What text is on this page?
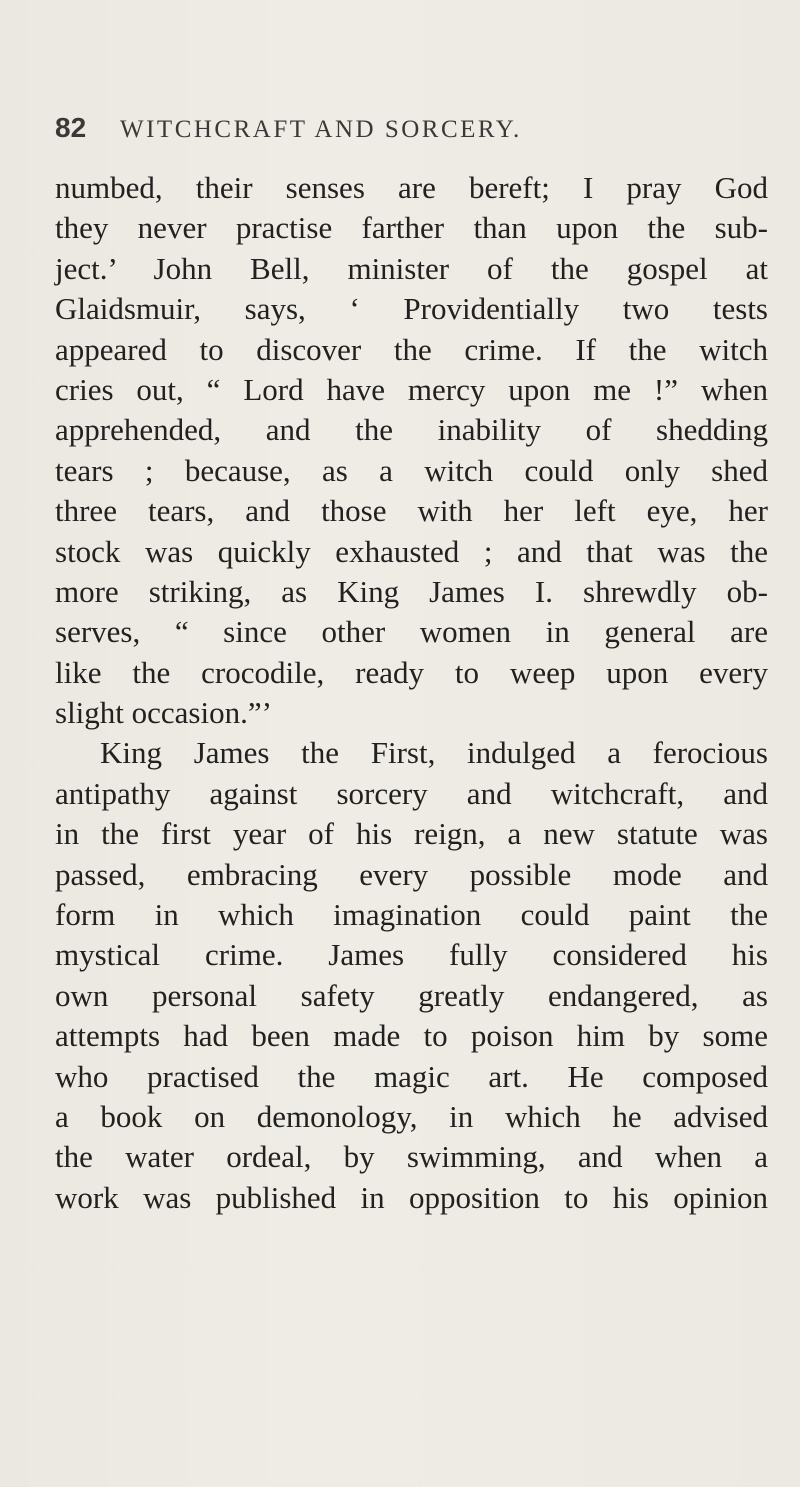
82 WITCHCRAFT AND SORCERY.
numbed, their senses are bereft; I pray God
they never practise farther than upon the sub-
ject.’ John Bell, minister of the gospel at
Glaidsmuir, says, ‘ Providentially two tests
appeared to discover the crime. If the witch
cries out, “ Lord have mercy upon me !” when
apprehended, and the inability of shedding
tears ; because, as a witch could only shed
three tears, and those with her left eye, her
stock was quickly exhausted ; and that was the
more striking, as King James I. shrewdly ob-
serves, “ since other women in general are
like the crocodile, ready to weep upon every
slight occasion.”’
King James the First, indulged a ferocious
antipathy against sorcery and witchcraft, and
in the first year of his reign, a new statute was
passed, embracing every possible mode and
form in which imagination could paint the
mystical crime. James fully considered his
own personal safety greatly endangered, as
attempts had been made to poison him by some
who practised the magic art. He composed
a book on demonology, in which he advised
the water ordeal, by swimming, and when a
work was published in opposition to his opinion
